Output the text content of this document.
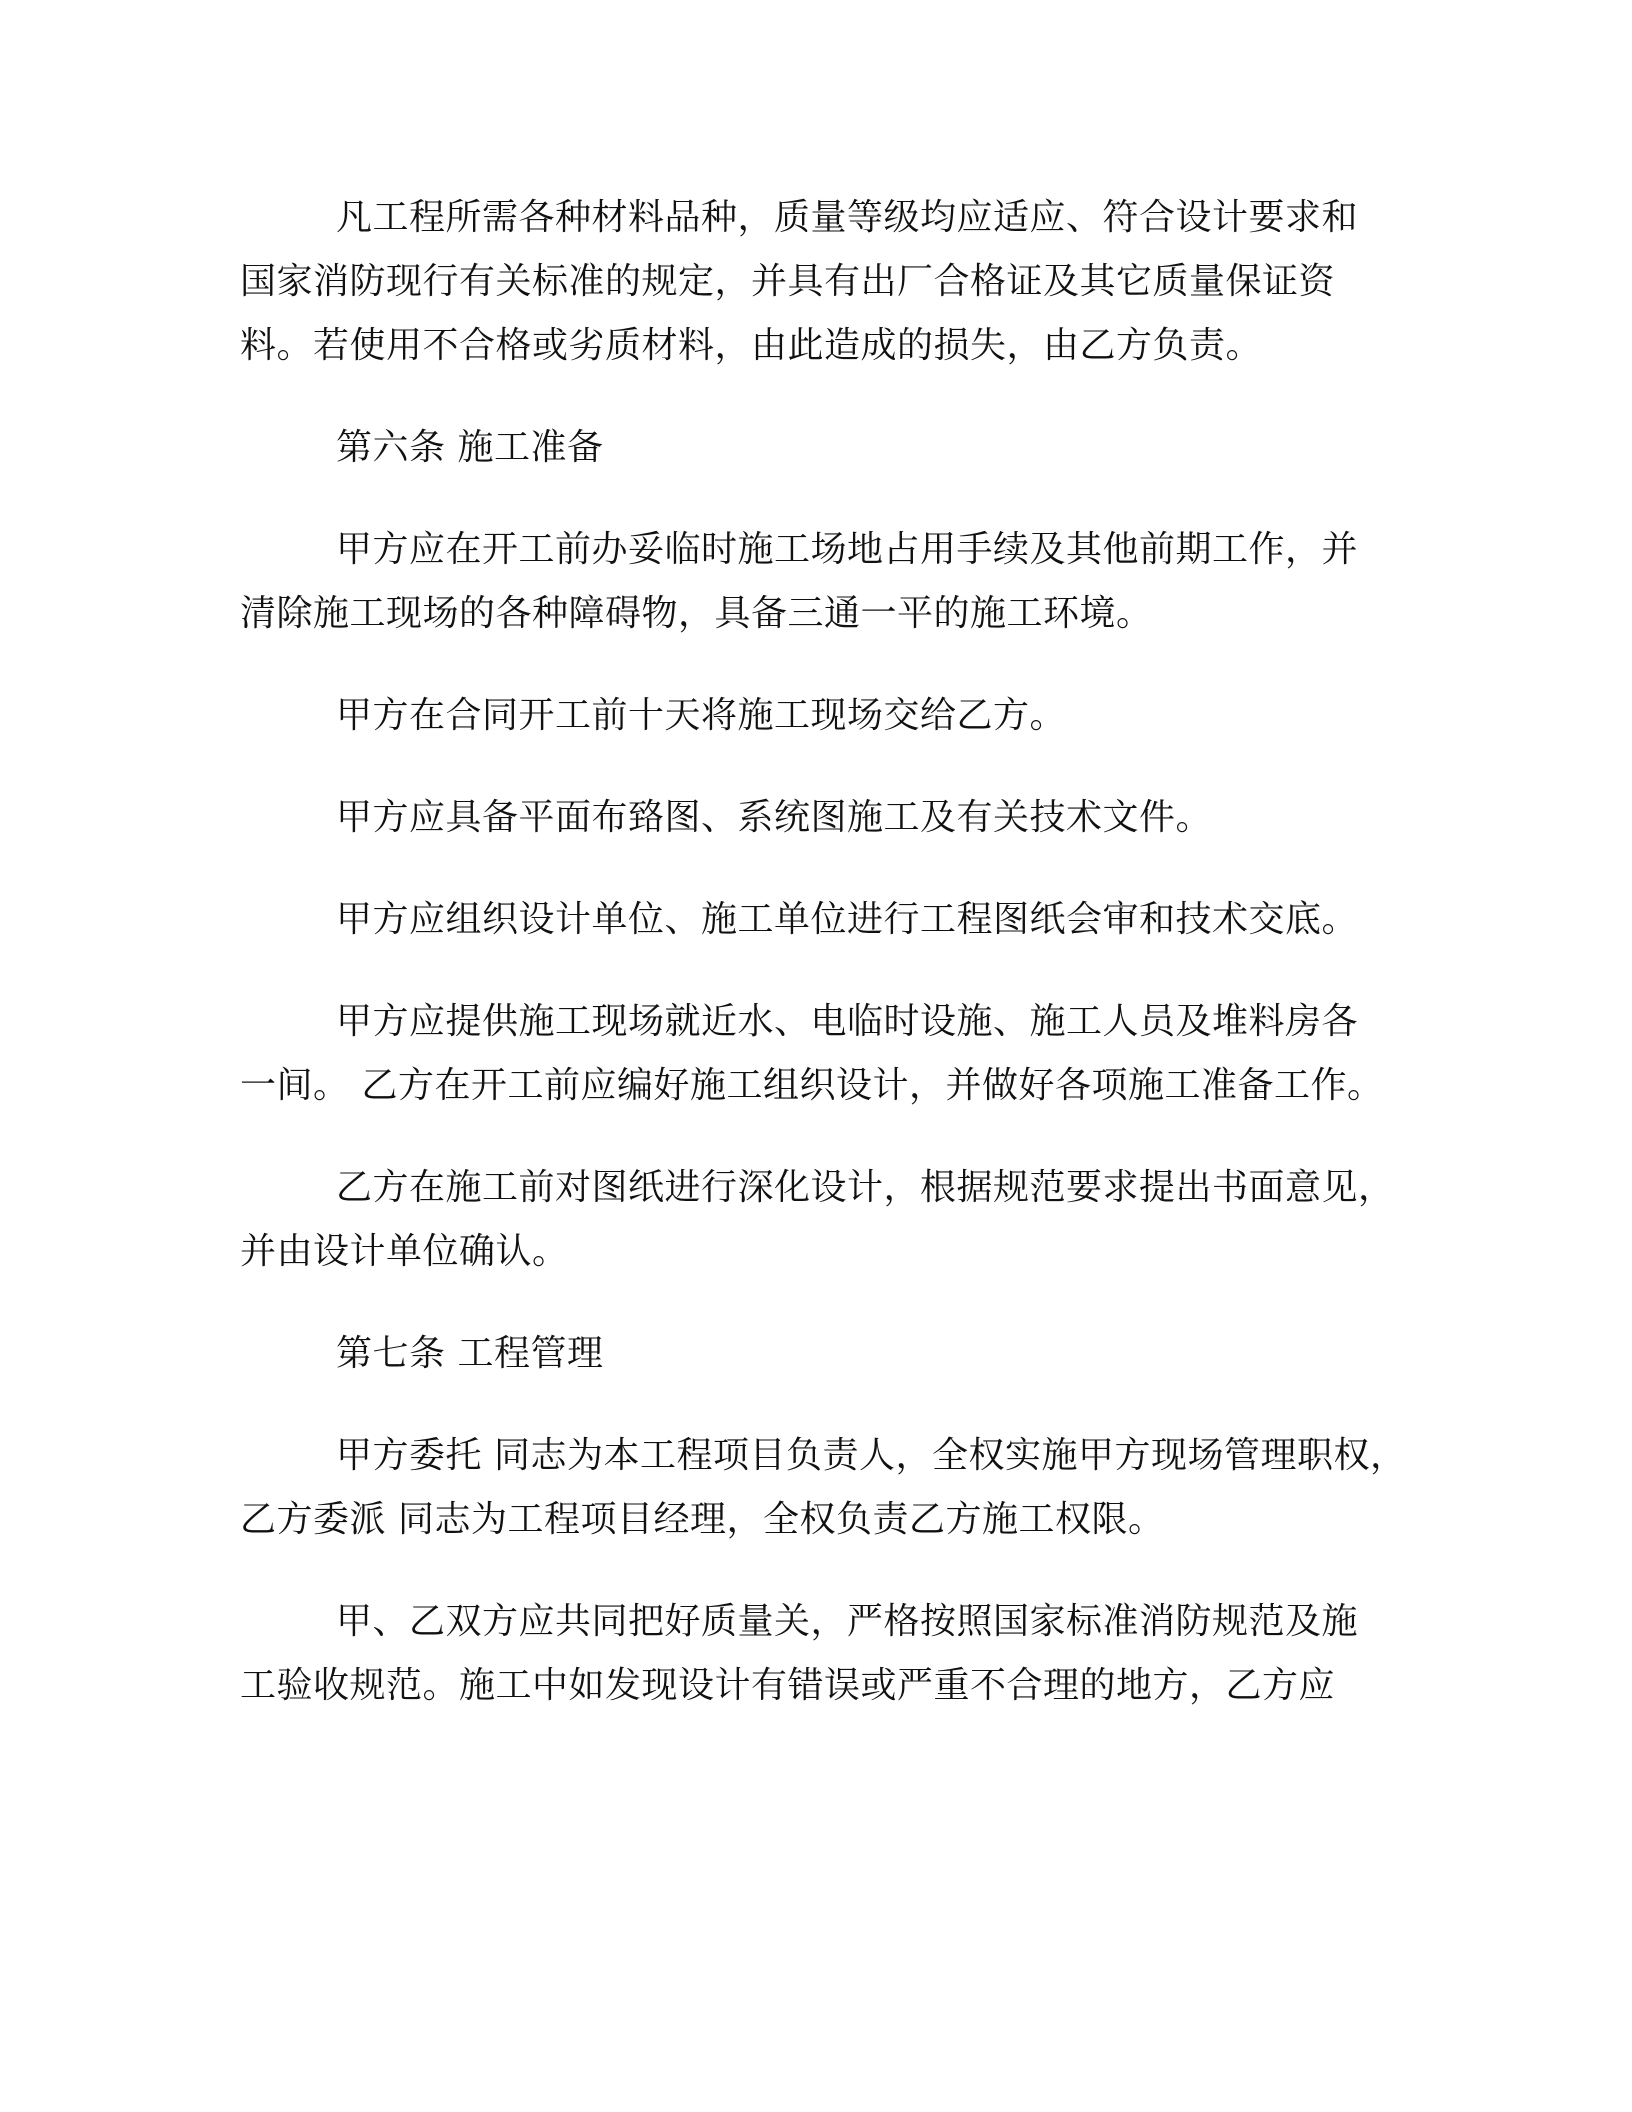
凡工程所需各种材料品种，质量等级均应适应、符合设计要求和
国家消防现行有关标准的规定，并具有出厂合格证及其它质量保证资
料。若使用不合格或劣质材料，由此造成的损失，由乙方负责。

第六条 施工准备

甲方应在开工前办妥临时施工场地占用手续及其他前期工作，并
清除施工现场的各种障碍物，具备三通一平的施工环境。

甲方在合同开工前十天将施工现场交给乙方。

甲方应具备平面布臵图、系统图施工及有关技术文件。

甲方应组织设计单位、施工单位进行工程图纸会审和技术交底。

甲方应提供施工现场就近水、电临时设施、施工人员及堆料房各
一间。 乙方在开工前应编好施工组织设计，并做好各项施工准备工作。

乙方在施工前对图纸进行深化设计，根据规范要求提出书面意见，
并由设计单位确认。

第七条 工程管理

甲方委托 同志为本工程项目负责人，全权实施甲方现场管理职权，
乙方委派 同志为工程项目经理，全权负责乙方施工权限。

甲、乙双方应共同把好质量关，严格按照国家标准消防规范及施
工验收规范。施工中如发现设计有错误或严重不合理的地方，乙方应
